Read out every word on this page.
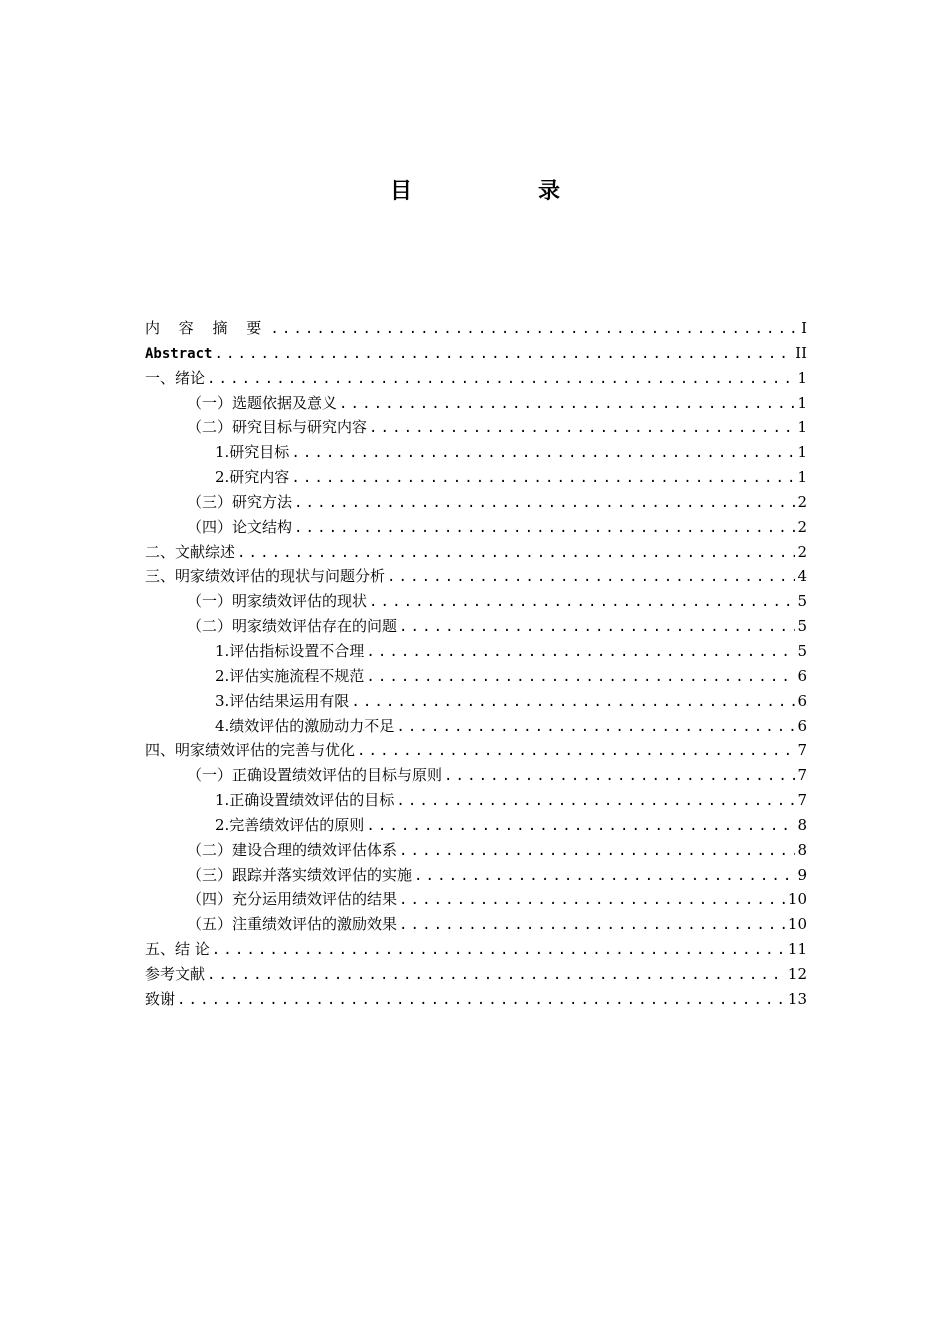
目　录
内 容 摘 要 .....	I
Abstract .....	II
一、绪论 .....	1
（一）选题依据及意义 .....	1
（二）研究目标与研究内容 .....	1
1.研究目标 .....	1
2.研究内容 .....	1
（三）研究方法 .....	2
（四）论文结构 .....	2
二、文献综述 .....	2
三、明家绩效评估的现状与问题分析 .....	4
（一）明家绩效评估的现状 .....	5
（二）明家绩效评估存在的问题 .....	5
1.评估指标设置不合理 .....	5
2.评估实施流程不规范 .....	6
3.评估结果运用有限 .....	6
4.绩效评估的激励动力不足 .....	6
四、明家绩效评估的完善与优化 .....	7
（一）正确设置绩效评估的目标与原则 .....	7
1.正确设置绩效评估的目标 .....	7
2.完善绩效评估的原则 .....	8
（二）建设合理的绩效评估体系 .....	8
（三）跟踪并落实绩效评估的实施 .....	9
（四）充分运用绩效评估的结果 .....	10
（五）注重绩效评估的激励效果 .....	10
五、结 论 .....	11
参考文献 .....	12
致谢 .....	13
